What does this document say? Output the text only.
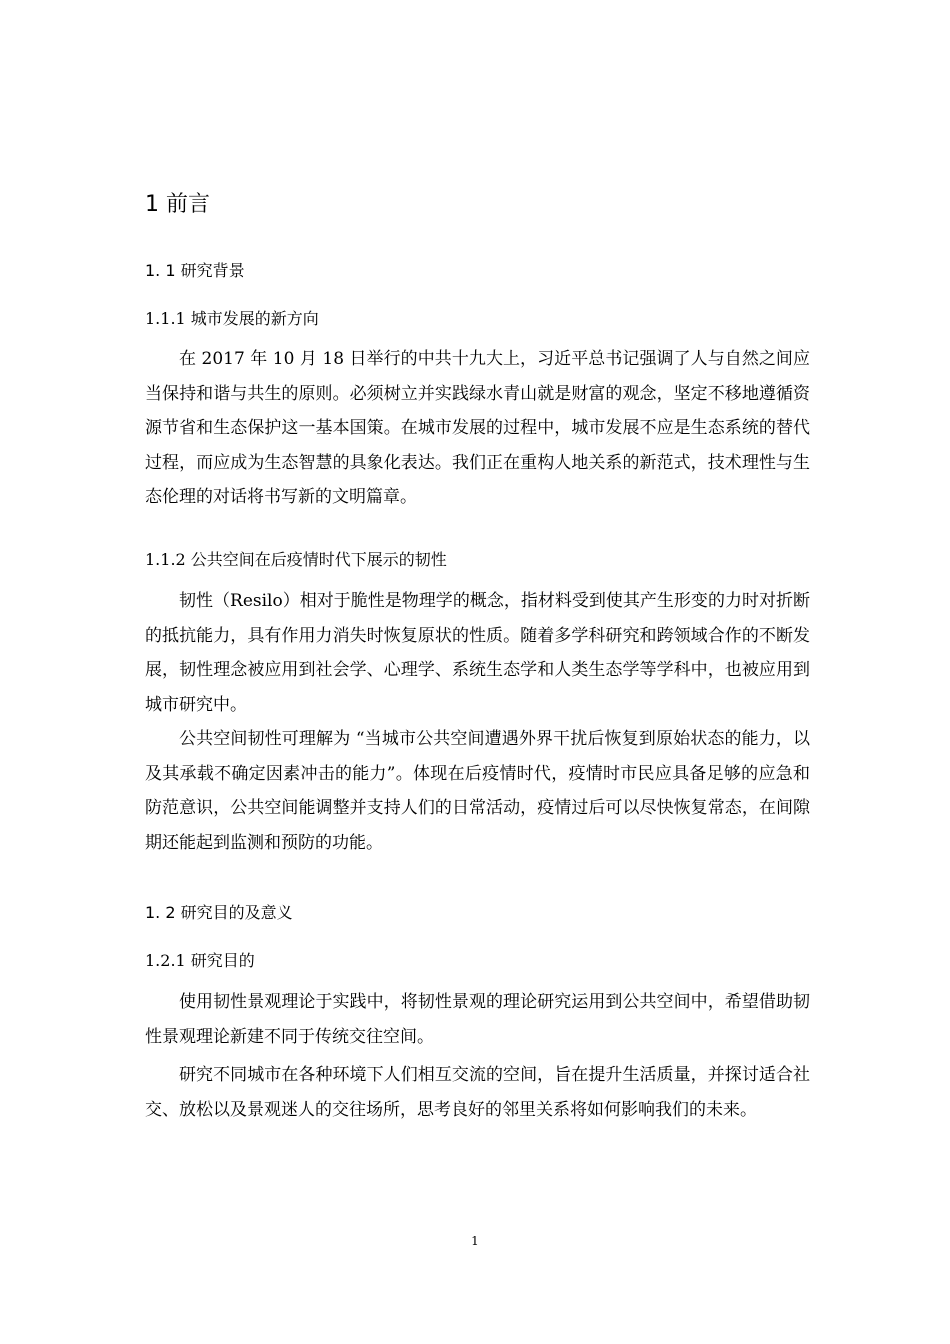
1 前言
1. 1 研究背景
1.1.1 城市发展的新方向

在 2017 年 10 月 18 日举行的中共十九大上，习近平总书记强调了人与自然之间应当保持和谐与共生的原则。必须树立并实践绿水青山就是财富的观念，坚定不移地遵循资源节省和生态保护这一基本国策。在城市发展的过程中，城市发展不应是生态系统的替代过程，而应成为生态智慧的具象化表达。我们正在重构人地关系的新范式，技术理性与生态伦理的对话将书写新的文明篇章。

1.1.2 公共空间在后疫情时代下展示的韧性

韧性（Resilo）相对于脆性是物理学的概念，指材料受到使其产生形变的力时对折断的抵抗能力，具有作用力消失时恢复原状的性质。随着多学科研究和跨领域合作的不断发展，韧性理念被应用到社会学、心理学、系统生态学和人类生态学等学科中，也被应用到城市研究中。

公共空间韧性可理解为 “当城市公共空间遭遇外界干扰后恢复到原始状态的能力，以及其承载不确定因素冲击的能力”。体现在后疫情时代，疫情时市民应具备足够的应急和防范意识，公共空间能调整并支持人们的日常活动，疫情过后可以尽快恢复常态，在间隙期还能起到监测和预防的功能。

1. 2 研究目的及意义
1.2.1 研究目的

使用韧性景观理论于实践中，将韧性景观的理论研究运用到公共空间中，希望借助韧性景观理论新建不同于传统交往空间。

研究不同城市在各种环境下人们相互交流的空间，旨在提升生活质量，并探讨适合社交、放松以及景观迷人的交往场所，思考良好的邻里关系将如何影响我们的未来。

1
